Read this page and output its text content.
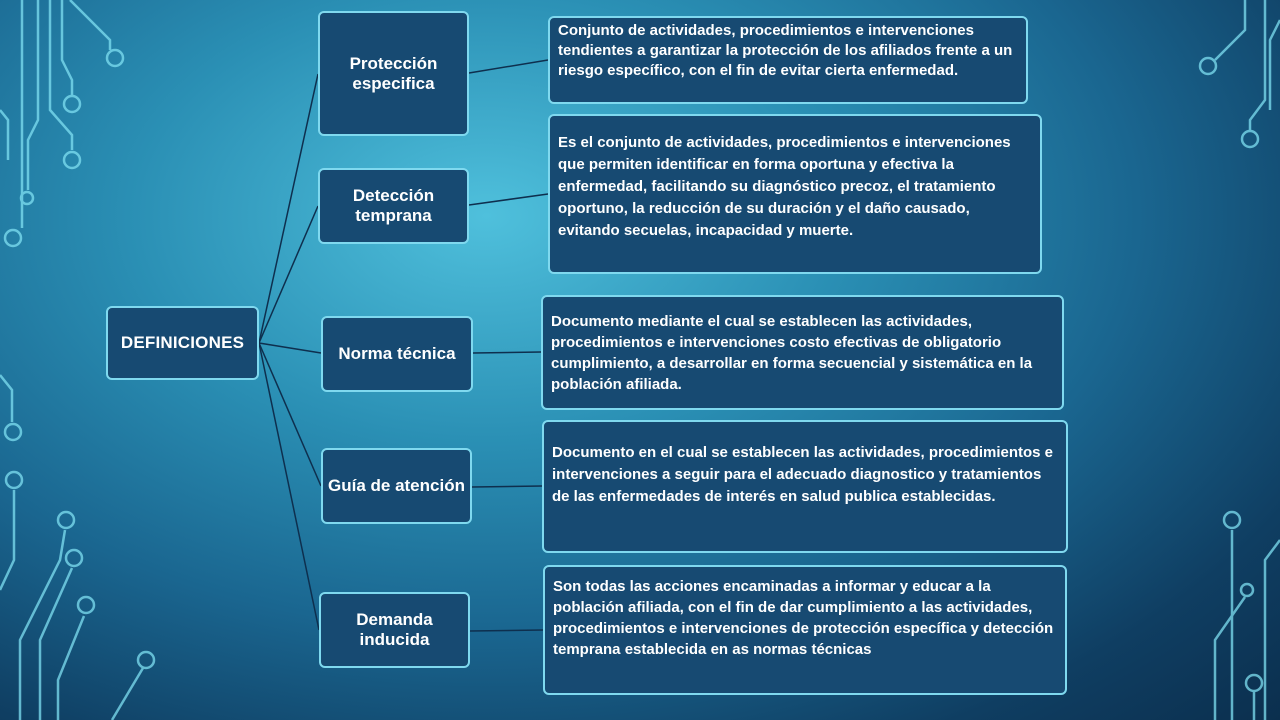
DEFINICIONES
Protección especifica
Detección temprana
Norma técnica
Guía de atención
Demanda inducida
Conjunto de actividades, procedimientos e intervenciones tendientes a garantizar la protección de los afiliados frente a un riesgo específico, con el fin de evitar cierta enfermedad.
Es el conjunto de actividades, procedimientos e intervenciones que permiten identificar en forma oportuna y efectiva la enfermedad, facilitando su diagnóstico precoz, el tratamiento oportuno, la reducción de su duración y el daño causado, evitando secuelas, incapacidad y muerte.
Documento mediante el cual se establecen las actividades, procedimientos e intervenciones costo efectivas de obligatorio cumplimiento, a desarrollar en forma secuencial y sistemática en la población afiliada.
Documento en el cual se establecen las actividades, procedimientos e intervenciones a seguir para el adecuado diagnostico y tratamientos de las enfermedades de interés en salud publica establecidas.
Son todas las acciones encaminadas a informar y educar a la población afiliada, con el fin de dar cumplimiento a las actividades, procedimientos e intervenciones de protección específica y detección temprana establecida en as normas técnicas
